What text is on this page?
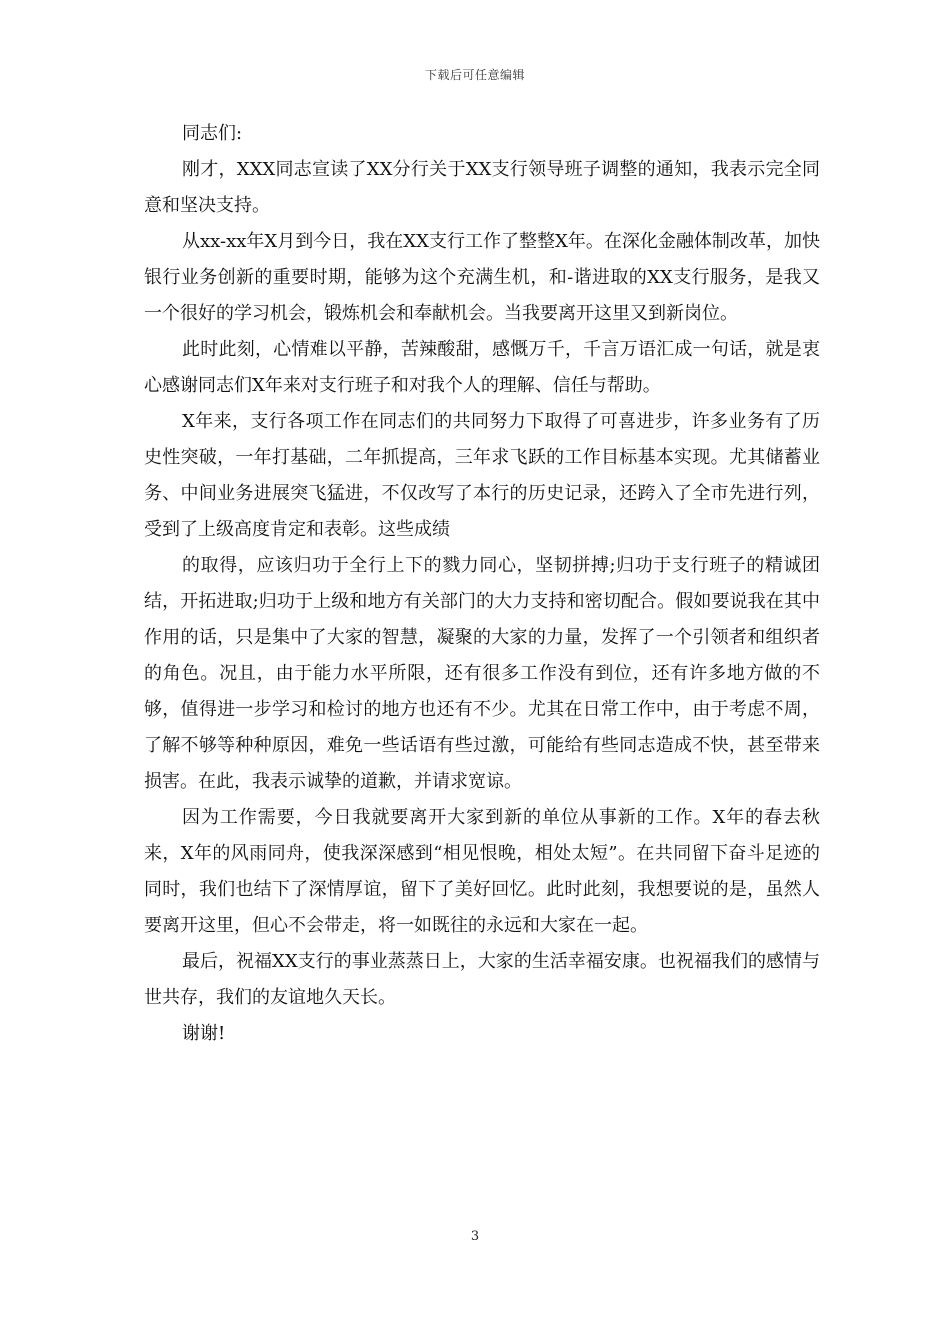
下载后可任意编辑

同志们:

刚才，XXX同志宣读了XX分行关于XX支行领导班子调整的通知，我表示完全同意和坚决支持。

从xx-xx年X月到今日，我在XX支行工作了整整X年。在深化金融体制改革，加快银行业务创新的重要时期，能够为这个充满生机，和-谐进取的XX支行服务，是我又一个很好的学习机会，锻炼机会和奉献机会。当我要离开这里又到新岗位。

此时此刻，心情难以平静，苦辣酸甜，感慨万千，千言万语汇成一句话，就是衷心感谢同志们X年来对支行班子和对我个人的理解、信任与帮助。

X年来，支行各项工作在同志们的共同努力下取得了可喜进步，许多业务有了历史性突破，一年打基础，二年抓提高，三年求飞跃的工作目标基本实现。尤其储蓄业务、中间业务进展突飞猛进，不仅改写了本行的历史记录，还跨入了全市先进行列，受到了上级高度肯定和表彰。这些成绩

的取得，应该归功于全行上下的戮力同心，坚韧拼搏;归功于支行班子的精诚团结，开拓进取;归功于上级和地方有关部门的大力支持和密切配合。假如要说我在其中作用的话，只是集中了大家的智慧，凝聚的大家的力量，发挥了一个引领者和组织者的角色。况且，由于能力水平所限，还有很多工作没有到位，还有许多地方做的不够，值得进一步学习和检讨的地方也还有不少。尤其在日常工作中，由于考虑不周，了解不够等种种原因，难免一些话语有些过激，可能给有些同志造成不快，甚至带来损害。在此，我表示诚挚的道歉，并请求宽谅。

因为工作需要，今日我就要离开大家到新的单位从事新的工作。X年的春去秋来，X年的风雨同舟，使我深深感到“相见恨晚，相处太短”。在共同留下奋斗足迹的同时，我们也结下了深情厚谊，留下了美好回忆。此时此刻，我想要说的是，虽然人要离开这里，但心不会带走，将一如既往的永远和大家在一起。

最后，祝福XX支行的事业蒸蒸日上，大家的生活幸福安康。也祝福我们的感情与世共存，我们的友谊地久天长。

谢谢!

3
